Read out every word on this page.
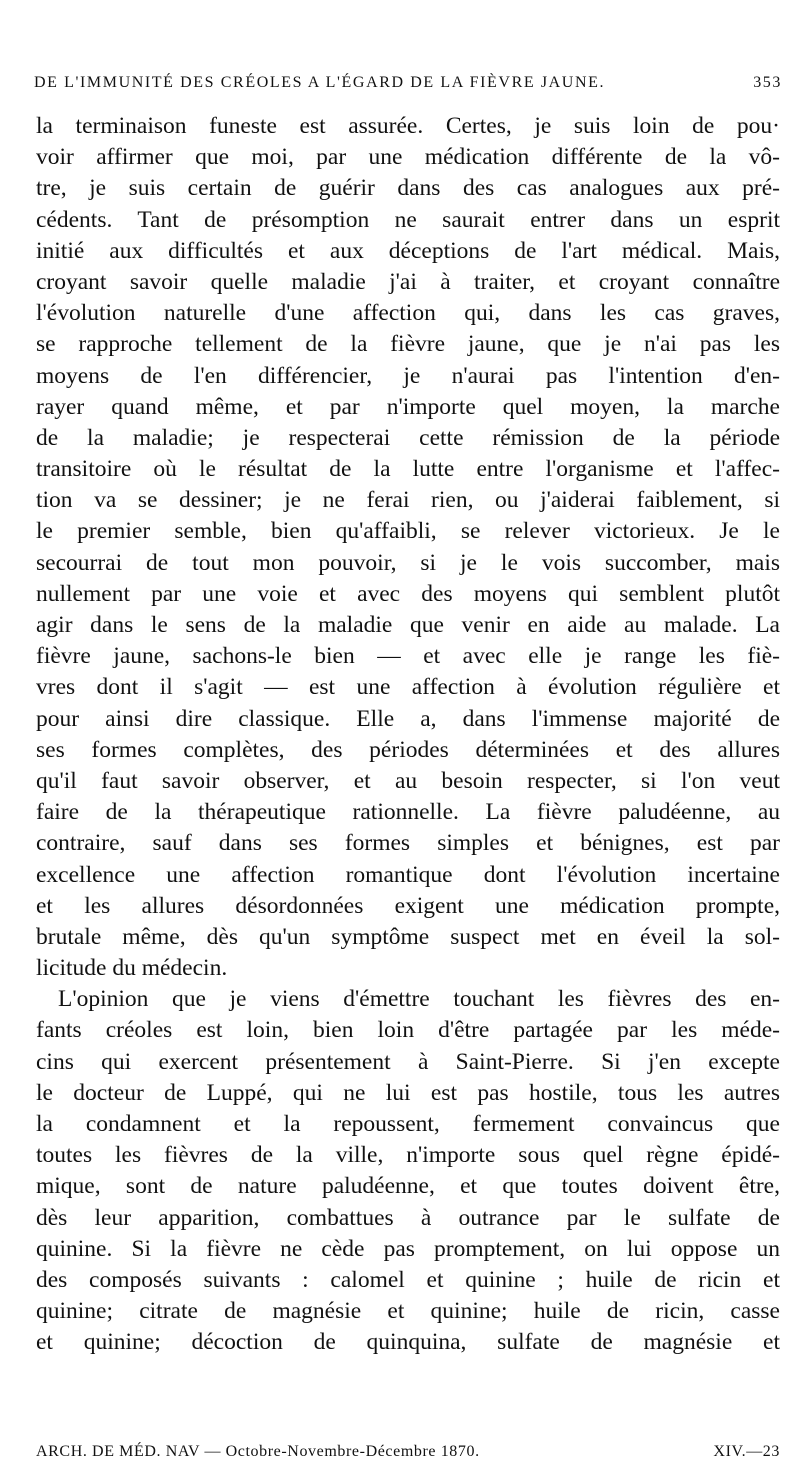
DE L'IMMUNITÉ DES CRÉOLES A L'ÉGARD DE LA FIÈVRE JAUNE.	353
la terminaison funeste est assurée. Certes, je suis loin de pou·
voir affirmer que moi, par une médication différente de la vô-
tre, je suis certain de guérir dans des cas analogues aux pré-
cédents. Tant de présomption ne saurait entrer dans un esprit
initié aux difficultés et aux déceptions de l'art médical. Mais,
croyant savoir quelle maladie j'ai à traiter, et croyant connaître
l'évolution naturelle d'une affection qui, dans les cas graves,
se rapproche tellement de la fièvre jaune, que je n'ai pas les
moyens de l'en différencier, je n'aurai pas l'intention d'en-
rayer quand même, et par n'importe quel moyen, la marche
de la maladie; je respecterai cette rémission de la période
transitoire où le résultat de la lutte entre l'organisme et l'affec-
tion va se dessiner; je ne ferai rien, ou j'aiderai faiblement, si
le premier semble, bien qu'affaibli, se relever victorieux. Je le
secourrai de tout mon pouvoir, si je le vois succomber, mais
nullement par une voie et avec des moyens qui semblent plutôt
agir dans le sens de la maladie que venir en aide au malade. La
fièvre jaune, sachons-le bien — et avec elle je range les fiè-
vres dont il s'agit — est une affection à évolution régulière et
pour ainsi dire classique. Elle a, dans l'immense majorité de
ses formes complètes, des périodes déterminées et des allures
qu'il faut savoir observer, et au besoin respecter, si l'on veut
faire de la thérapeutique rationnelle. La fièvre paludéenne, au
contraire, sauf dans ses formes simples et bénignes, est par
excellence une affection romantique dont l'évolution incertaine
et les allures désordonnées exigent une médication prompte,
brutale même, dès qu'un symptôme suspect met en éveil la sol-
licitude du médecin.
L'opinion que je viens d'émettre touchant les fièvres des en-
fants créoles est loin, bien loin d'être partagée par les méde-
cins qui exercent présentement à Saint-Pierre. Si j'en excepte
le docteur de Luppé, qui ne lui est pas hostile, tous les autres
la condamnent et la repoussent, fermement convaincus que
toutes les fièvres de la ville, n'importe sous quel règne épidé-
mique, sont de nature paludéenne, et que toutes doivent être,
dès leur apparition, combattues à outrance par le sulfate de
quinine. Si la fièvre ne cède pas promptement, on lui oppose un
des composés suivants : calomel et quinine ; huile de ricin et
quinine; citrate de magnésie et quinine; huile de ricin, casse
et quinine; décoction de quinquina, sulfate de magnésie et
ARCH. DE MÉD. NAV — Octobre-Novembre-Décembre 1870.	XIV.—23
